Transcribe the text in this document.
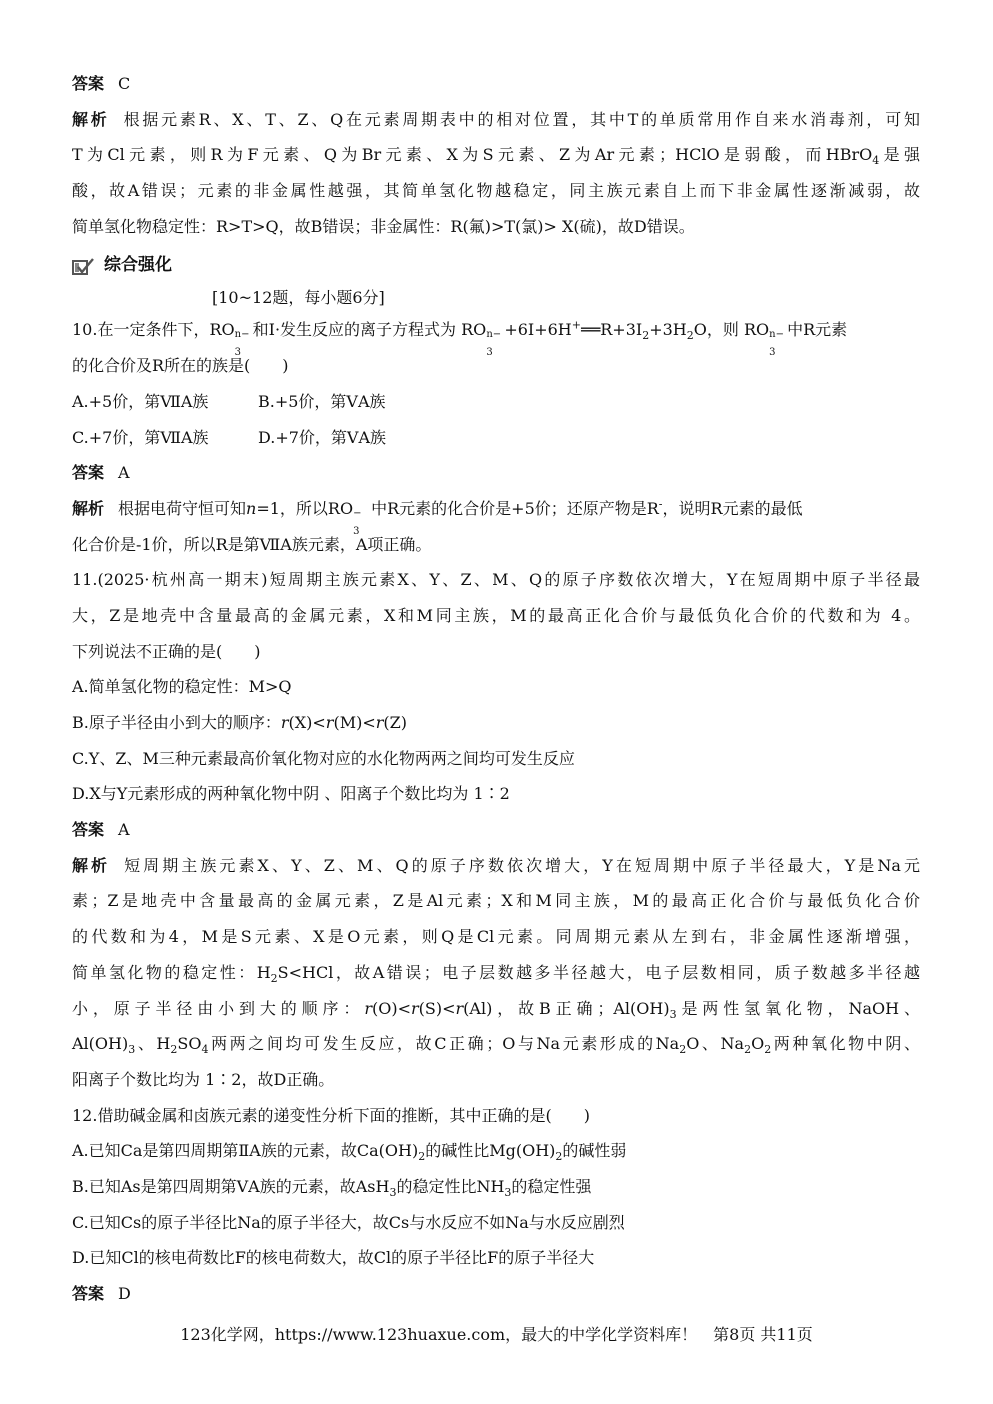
答案 C
解析 根据元素R、X、T、Z、Q在元素周期表中的相对位置，其中T的单质常用作自来水消毒剂，可知
T为Cl元素，则R为F元素、Q为Br元素、X为S元素、Z为Ar元素；HClO是弱酸，而HBrO$_4$是强
酸，故A错误；元素的非金属性越强，其简单氢化物越稳定，同主族元素自上而下非金属性逐渐减弱，故
简单氢化物稳定性：R>T>Q，故B错误；非金属性：R(氟)>T(氯)> X(硫)，故D错误。
综合强化
[10~12题，每小题6分]
10.在一定条件下，RO n−
3
和I·发生反应的离子方程式为 RO n−
3
$+6I+6H^+══R+3I_2+3H_2O$，则 RO n−
3
中R元素
的化合价及R所在的族是(　　)
A.+5价，第ⅦA族	B.+5价，第ⅤA族
C.+7价，第ⅦA族	D.+7价，第ⅤA族
答案 A
解析 根据电荷守恒可知n=1，所以RO −
3
中R元素的化合价是+5价；还原产物是R-，说明R元素的最低
化合价是-1价，所以R是第ⅦA族元素，A项正确。
11.(2025·杭州高一期末)短周期主族元素X、Y、Z、M、Q的原子序数依次增大，Y在短周期中原子半径最
大，Z是地壳中含量最高的金属元素，X和M同主族，M的最高正化合价与最低负化合价的代数和为 4。
下列说法不正确的是(　　)
A.简单氢化物的稳定性：M>Q
B.原子半径由小到大的顺序：r(X)<r(M)<r(Z)
C.Y、Z、M三种元素最高价氧化物对应的水化物两两之间均可发生反应
D.X与Y元素形成的两种氧化物中阴 、阳离子个数比均为 1∶2
答案 A
解析 短周期主族元素X、Y、Z、M、Q的原子序数依次增大，Y在短周期中原子半径最大，Y是Na元
素；Z是地壳中含量最高的金属元素，Z是Al元素；X和M同主族，M的最高正化合价与最低负化合价
的代数和为4，M是S元素、X是O元素，则Q是Cl元素。同周期元素从左到右，非金属性逐渐增强，
简单氢化物的稳定性：$H_2S<HCl$，故A错误；电子层数越多半径越大，电子层数相同，质子数越多半径越
小，原子半径由小到大的顺序：r(O)<r(S)<r(Al)，故B正确；$Al(OH)_3$是两性氢氧化物，NaOH、
$Al(OH)_3$、$H_2SO_4$两两之间均可发生反应，故C正确；O与Na元素形成的$Na_2O$、$Na_2O_2$两种氧化物中阴、
阳离子个数比均为 1∶2，故D正确。
12.借助碱金属和卤族元素的递变性分析下面的推断，其中正确的是(　　)
A.已知Ca是第四周期第ⅡA族的元素，故$Ca(OH)_2$的碱性比$Mg(OH)_2$的碱性弱
B.已知As是第四周期第ⅤA族的元素，故AsH$_3$的稳定性比$NH_3$的稳定性强
C.已知Cs的原子半径比Na的原子半径大，故Cs与水反应不如Na与水反应剧烈
D.已知Cl的核电荷数比F的核电荷数大，故Cl的原子半径比F的原子半径大
答案 D
123化学网，https://www.123huaxue.com，最大的中学化学资料库！　第8页 共11页
